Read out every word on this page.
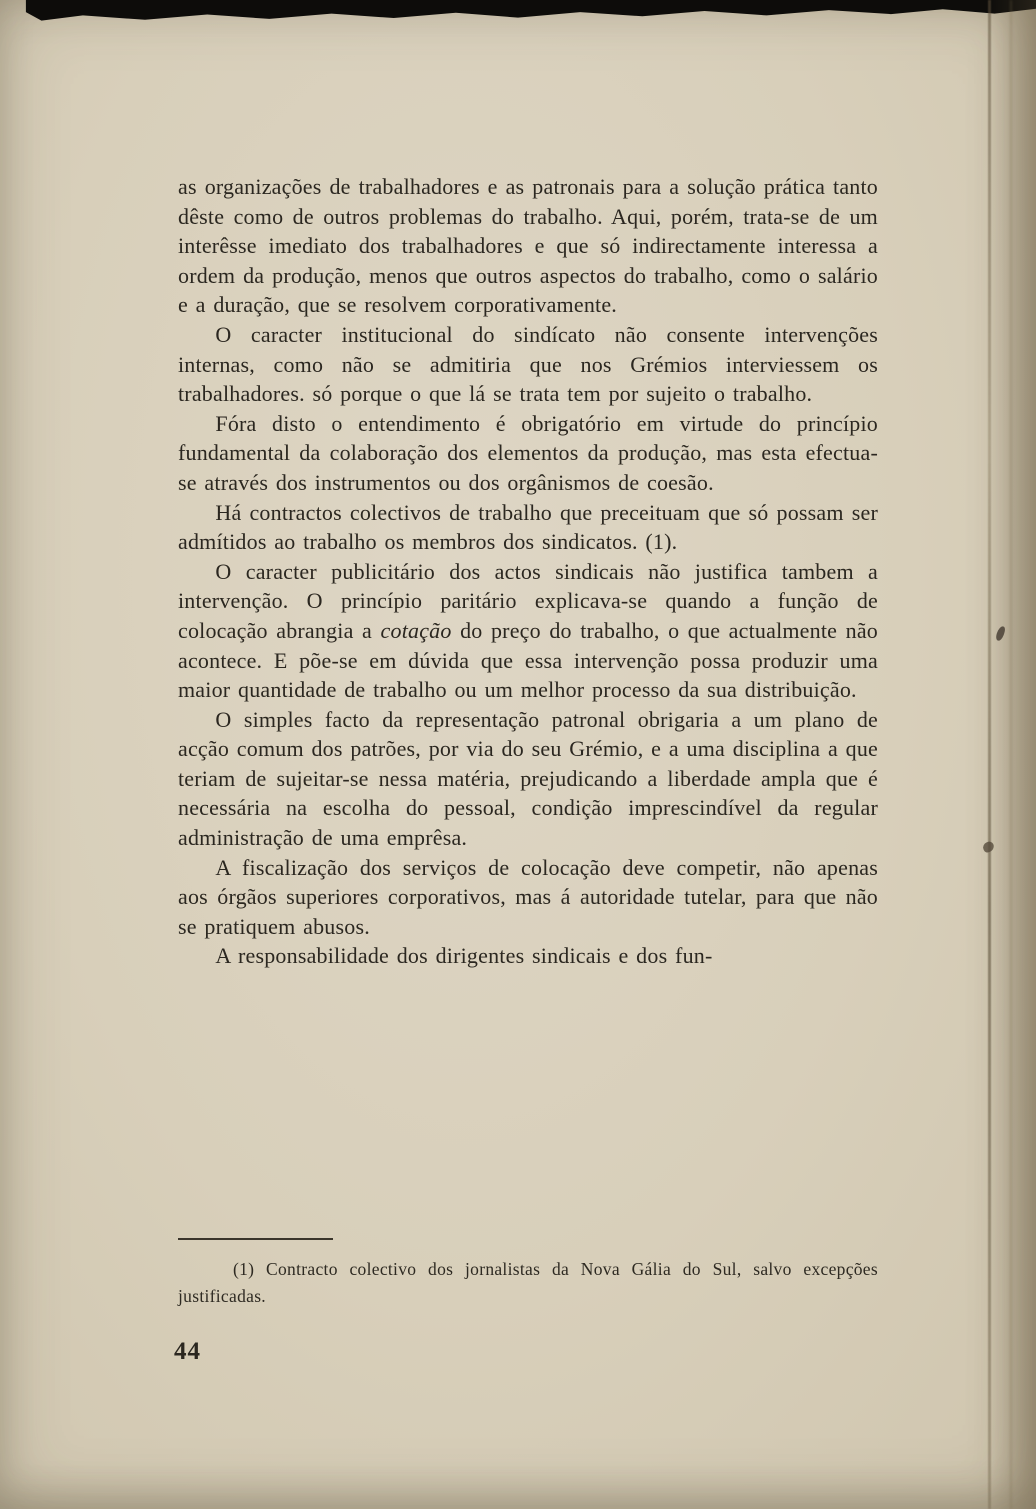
as organizações de trabalhadores e as patronais para a solução prática tanto dêste como de outros problemas do trabalho. Aqui, porém, trata-se de um interêsse imediato dos trabalhadores e que só indirectamente interessa a ordem da produção, menos que outros aspectos do trabalho, como o salário e a duração, que se resolvem corporativamente.

O caracter institucional do sindícato não consente intervenções internas, como não se admitiria que nos Grémios interviessem os trabalhadores. só porque o que lá se trata tem por sujeito o trabalho.

Fóra disto o entendimento é obrigatório em virtude do princípio fundamental da colaboração dos elementos da produção, mas esta efectua-se através dos instrumentos ou dos orgânismos de coesão.

Há contractos colectivos de trabalho que preceituam que só possam ser admítidos ao trabalho os membros dos sindicatos. (1).

O caracter publicitário dos actos sindicais não justifica tambem a intervenção. O princípio paritário explicava-se quando a função de colocação abrangia a cotação do preço do trabalho, o que actualmente não acontece. E põe-se em dúvida que essa intervenção possa produzir uma maior quantidade de trabalho ou um melhor processo da sua distribuição.

O simples facto da representação patronal obrigaria a um plano de acção comum dos patrões, por via do seu Grémio, e a uma disciplina a que teriam de sujeitar-se nessa matéria, prejudicando a liberdade ampla que é necessária na escolha do pessoal, condição imprescindível da regular administração de uma emprêsa.

A fiscalização dos serviços de colocação deve competir, não apenas aos órgãos superiores corporativos, mas á autoridade tutelar, para que não se pratiquem abusos.

A responsabilidade dos dirigentes sindicais e dos fun-

(1) Contracto colectivo dos jornalistas da Nova Gália do Sul, salvo excepções justificadas.

44
